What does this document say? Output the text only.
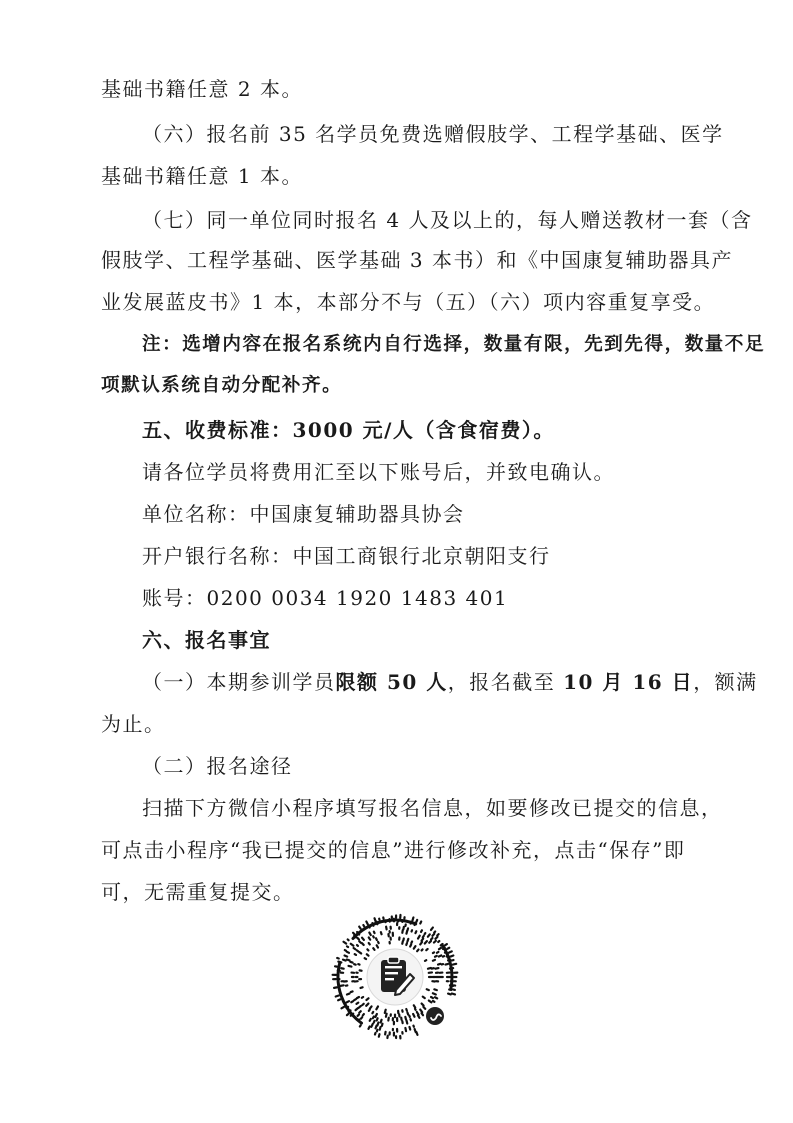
基础书籍任意 2 本。
（六）报名前 35 名学员免费选赠假肢学、工程学基础、医学
基础书籍任意 1 本。
（七）同一单位同时报名 4 人及以上的，每人赠送教材一套（含
假肢学、工程学基础、医学基础 3 本书）和《中国康复辅助器具产
业发展蓝皮书》1 本，本部分不与（五）（六）项内容重复享受。
注：选增内容在报名系统内自行选择，数量有限，先到先得，数量不足
项默认系统自动分配补齐。
五、收费标准：3000 元/人（含食宿费）。
请各位学员将费用汇至以下账号后，并致电确认。
单位名称：中国康复辅助器具协会
开户银行名称：中国工商银行北京朝阳支行
账号：0200 0034 1920 1483 401
六、报名事宜
（一）本期参训学员限额 50 人，报名截至 10 月 16 日，额满
为止。
（二）报名途径
扫描下方微信小程序填写报名信息，如要修改已提交的信息，
可点击小程序“我已提交的信息”进行修改补充，点击“保存”即
可，无需重复提交。
